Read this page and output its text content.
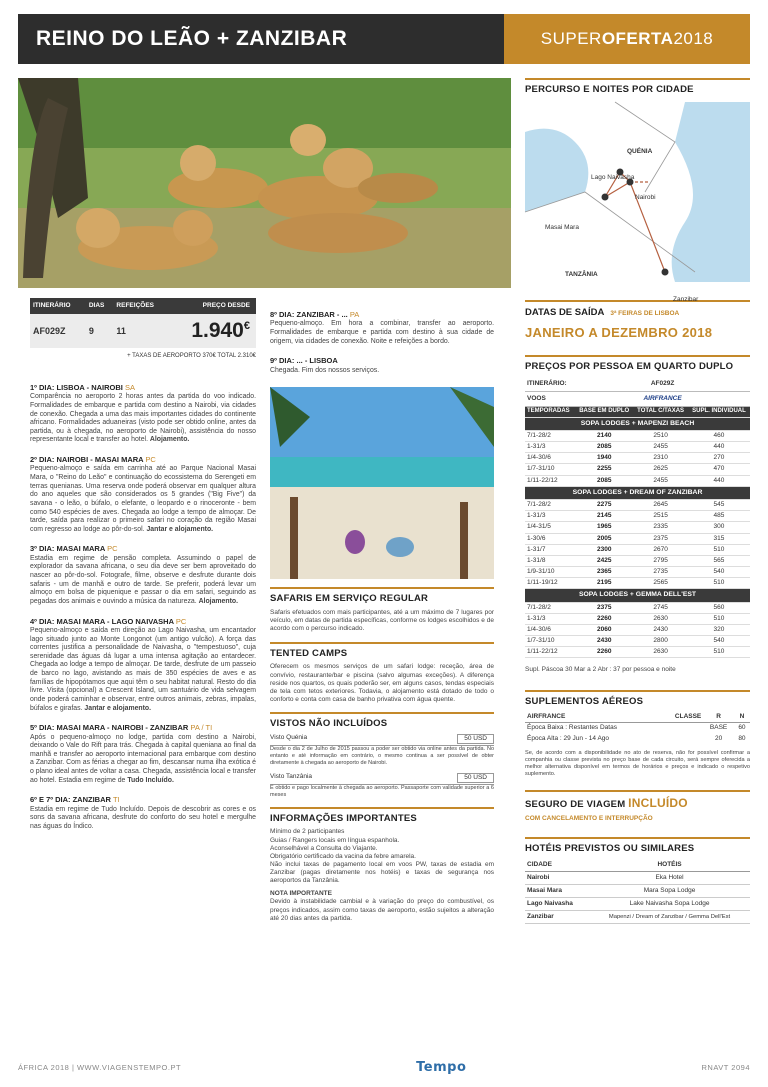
REINO DO LEÃO + ZANZIBAR	SUPER OFERTA 2018
ITINERÁRIO	DIAS	REFEIÇÕES	PREÇO DESDE
AF029Z	9	11	1.940€
+ TAXAS DE AEROPORTO 370€ TOTAL 2.310€
1º DIA: LISBOA - NAIROBI SA

Comparência no aeroporto 2 horas antes da partida do voo indicado. Formalidades de embarque e partida com destino a Nairobi, via cidades de conexão. Chegada a uma das mais importantes cidades do continente africano. Formalidades aduaneiras (visto pode ser obtido online, antes da partida, ou à chegada, no aeroporto de Nairobi), assistência do nosso representante local e transfer ao hotel. Alojamento.

2º DIA: NAIROBI - MASAI MARA PC

Pequeno-almoço e saída em carrinha até ao Parque Nacional Masai Mara, o "Reino do Leão" e continuação do ecossistema do Serengeti em terras quenianas. Uma reserva onde poderá observar em qualquer altura do ano aqueles que são considerados os 5 grandes ("Big Five") da savana - o leão, o búfalo, o elefante, o leopardo e o rinoceronte - bem como 540 espécies de aves. Chegada ao lodge a tempo de almoçar. De tarde, saída para realizar o primeiro safari no coração da região Masai com regresso ao lodge ao pôr-do-sol. Jantar e alojamento.

3º DIA: MASAI MARA PC

Estadia em regime de pensão completa. Assumindo o papel de explorador da savana africana, o seu dia deve ser bem aproveitado do nascer ao pôr-do-sol. Fotografe, filme, observe e desfrute durante dois safaris - um de manhã e outro de tarde. Se preferir, poderá levar um almoço em bolsa de piquenique e passar o dia em safari, seguindo as pegadas dos animais e ouvindo a música da natureza. Alojamento.

4º DIA: MASAI MARA - LAGO NAIVASHA PC

Pequeno-almoço e saída em direção ao Lago Naivasha, um encantador lago situado junto ao Monte Longonot (um antigo vulcão). A força das correntes justifica a personalidade de Naivasha, o "tempestuoso", cuja serenidade das águas dá lugar a uma intensa agitação ao entardecer. Chegada ao lodge a tempo de almoçar. De tarde, desfrute de um passeio de barco no lago, avistando as mais de 350 espécies de aves e as famílias de hipopótamos que aqui têm o seu habitat natural. Resto do dia livre. Visita (opcional) a Crescent Island, um santuário de vida selvagem onde poderá caminhar e observar, entre outros animais, zebras, impalas, búfalos e girafas. Jantar e alojamento.

5º DIA: MASAI MARA - NAIROBI - ZANZIBAR PA / TI

Após o pequeno-almoço no lodge, partida com destino a Nairobi, deixando o Vale do Rift para trás. Chegada à capital queniana ao final da manhã e transfer ao aeroporto internacional para embarque com destino a Zanzibar. Com as férias a chegar ao fim, descansar numa ilha exótica é o plano ideal antes de voltar a casa. Chegada, assistência local e transfer ao hotel. Estadia em regime de Tudo Incluído.

6º E 7º DIA: ZANZIBAR TI

Estadia em regime de Tudo Incluído. Depois de descobrir as cores e os sons da savana africana, desfrute do conforto do seu hotel e mergulhe nas águas do Índico.

8º DIA: ZANZIBAR - ... PA

Pequeno-almoço. Em hora a combinar, transfer ao aeroporto. Formalidades de embarque e partida com destino à sua cidade de origem, via cidades de conexão. Noite e refeições a bordo.

9º DIA: ... - LISBOA

Chegada. Fim dos nossos serviços.

SAFARIS EM SERVIÇO REGULAR
Safaris efetuados com mais participantes, até a um máximo de 7 lugares por veículo, em datas de partida específicas, conforme os lodges escolhidos e de acordo com o percurso indicado.
TENTED CAMPS
Oferecem os mesmos serviços de um safari lodge: receção, área de convívio, restaurante/bar e piscina (salvo algumas exceções). A diferença reside nos quartos, os quais poderão ser, em alguns casos, tendas especiais de tela com tetos exteriores. Todavia, o alojamento está dotado de todo o conforto e conta com casa de banho privativa com água quente.
VISTOS NÃO INCLUÍDOS
Visto Quénia	50 USD
Desde o dia 2 de Julho de 2015 passou a poder ser obtido via online antes da partida. No entanto e até informação em contrário, o mesmo continua a ser possível de obter diretamente à chegada ao aeroporto de Nairobi.
Visto Tanzânia	50 USD
É obtido e pago localmente à chegada ao aeroporto. Passaporte com validade superior a 6 meses
INFORMAÇÕES IMPORTANTES
Mínimo de 2 participantes
Guias / Rangers locais em língua espanhola.
Aconselhável a Consulta do Viajante.
Obrigatório certificado da vacina da febre amarela.
Não inclui taxas de pagamento local em voos PW, taxas de estadia em Zanzibar (pagas diretamente nos hotéis) e taxas de segurança nos aeroportos da Tanzânia.
NOTA IMPORTANTE
Devido à instabilidade cambial e à variação do preço do combustível, os preços indicados, assim como taxas de aeroporto, estão sujeitos a alteração até 20 dias antes da partida.
PERCURSO E NOITES POR CIDADE
QUÉNIA
TANZÂNIA
Lago Naivasha
Nairobi
Masai Mara
Zanzibar
DATAS DE SAÍDA 3ª FEIRAS DE LISBOA
JANEIRO A DEZEMBRO 2018
PREÇOS POR PESSOA EM QUARTO DUPLO
ITINERÁRIO:	AF029Z		
VOOS	AIRFRANCE		
TEMPORADAS	BASE EM DUPLO	TOTAL C/TAXAS	SUPL. INDIVIDUAL
SOPA LODGES + MAPENZI BEACH			
7/1-28/2	2140	2510	460
1-31/3	2085	2455	440
1/4-30/6	1940	2310	270
1/7-31/10	2255	2625	470
1/11-22/12	2085	2455	440
SOPA LODGES + DREAM OF ZANZIBAR			
7/1-28/2	2275	2645	545
1-31/3	2145	2515	485
1/4-31/5	1965	2335	300
1-30/6	2005	2375	315
1-31/7	2300	2670	510
1-31/8	2425	2795	565
1/9-31/10	2365	2735	540
1/11-19/12	2195	2565	510
SOPA LODGES + GEMMA DELL'EST			
7/1-28/2	2375	2745	560
1-31/3	2260	2630	510
1/4-30/6	2060	2430	320
1/7-31/10	2430	2800	540
1/11-22/12	2260	2630	510
Supl. Páscoa 30 Mar a 2 Abr : 37 por pessoa e noite
SUPLEMENTOS AÉREOS
AIRFRANCE	CLASSE	R	N
Época Baixa : Restantes Datas		BASE	60
Época Alta : 29 Jun - 14 Ago		20	80
Se, de acordo com a disponibilidade no ato de reserva, não for possível confirmar a companhia ou classe prevista no preço base de cada circuito, será sempre oferecida a melhor alternativa disponível em termos de horários e preços e indicado o respetivo suplemento.
SEGURO DE VIAGEM INCLUÍDO
COM CANCELAMENTO E INTERRUPÇÃO
HOTÉIS PREVISTOS OU SIMILARES
CIDADE	HOTÉIS
Nairobi	Eka Hotel
Masai Mara	Mara Sopa Lodge
Lago Naivasha	Lake Naivasha Sopa Lodge
Zanzibar	Mapenzi / Dream of Zanzibar / Gemma Dell'Est
ÁFRICA 2018 | WWW.VIAGENSTEMPO.PT	Tempo	RNAVT 2094
